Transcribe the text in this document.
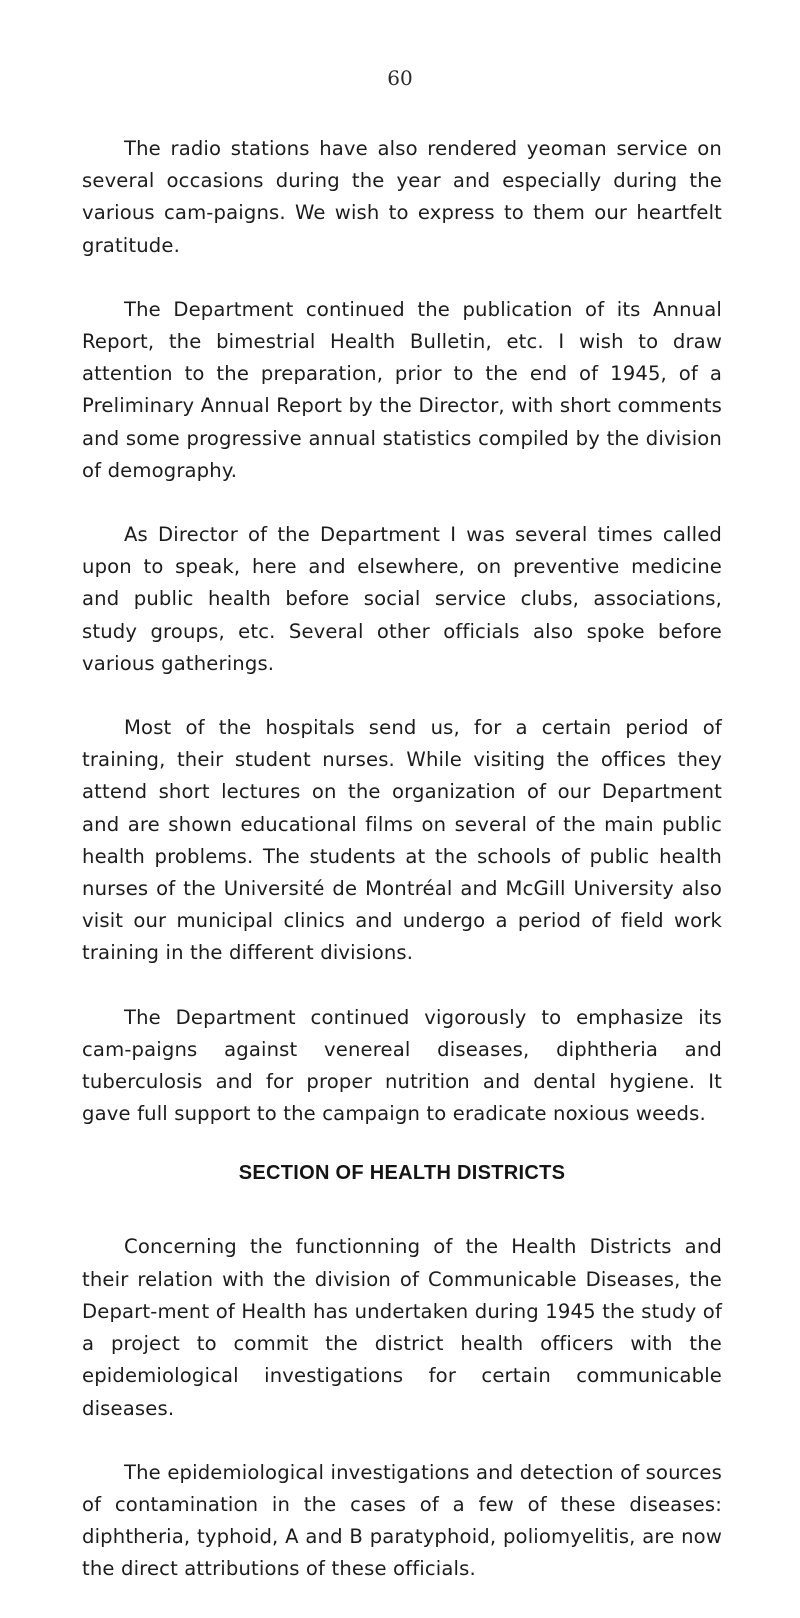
60

The radio stations have also rendered yeoman service on several occasions during the year and especially during the various cam-paigns. We wish to express to them our heartfelt gratitude.

The Department continued the publication of its Annual Report, the bimestrial Health Bulletin, etc. I wish to draw attention to the preparation, prior to the end of 1945, of a Preliminary Annual Report by the Director, with short comments and some progressive annual statistics compiled by the division of demography.

As Director of the Department I was several times called upon to speak, here and elsewhere, on preventive medicine and public health before social service clubs, associations, study groups, etc. Several other officials also spoke before various gatherings.

Most of the hospitals send us, for a certain period of training, their student nurses. While visiting the offices they attend short lectures on the organization of our Department and are shown educational films on several of the main public health problems. The students at the schools of public health nurses of the Université de Montréal and McGill University also visit our municipal clinics and undergo a period of field work training in the different divisions.

The Department continued vigorously to emphasize its cam-paigns against venereal diseases, diphtheria and tuberculosis and for proper nutrition and dental hygiene. It gave full support to the campaign to eradicate noxious weeds.

SECTION OF HEALTH DISTRICTS

Concerning the functionning of the Health Districts and their relation with the division of Communicable Diseases, the Depart-ment of Health has undertaken during 1945 the study of a project to commit the district health officers with the epidemiological investigations for certain communicable diseases.

The epidemiological investigations and detection of sources of contamination in the cases of a few of these diseases: diphtheria, typhoid, A and B paratyphoid, poliomyelitis, are now the direct attributions of these officials.
